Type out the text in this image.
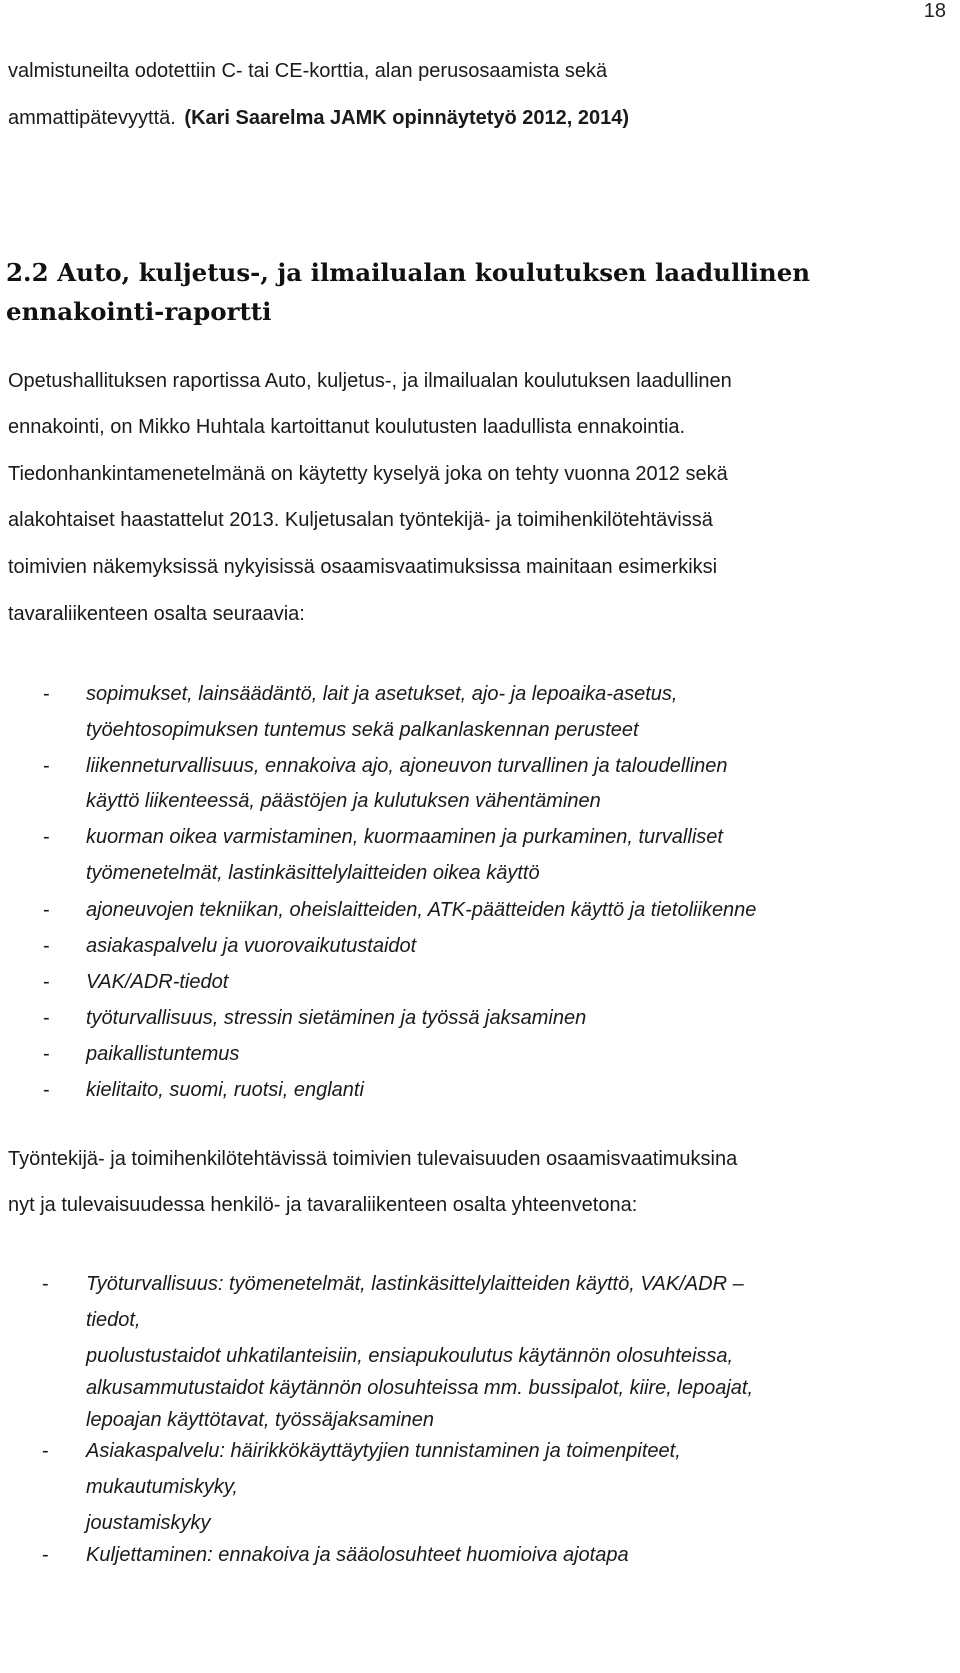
18
valmistuneilta odotettiin C- tai CE-korttia, alan perusosaamista sekä
ammattipätevyyttä. (Kari Saarelma JAMK opinnäytetyö 2012, 2014)
2.2 Auto, kuljetus-, ja ilmailualan koulutuksen laadullinen
ennakointi-raportti
Opetushallituksen raportissa Auto, kuljetus-, ja ilmailualan koulutuksen laadullinen
ennakointi, on Mikko Huhtala kartoittanut koulutusten laadullista ennakointia.
Tiedonhankintamenetelmänä on käytetty kyselyä joka on tehty vuonna 2012 sekä
alakohtaiset haastattelut 2013. Kuljetusalan työntekijä- ja toimihenkilötehtävissä
toimivien näkemyksissä nykyisissä osaamisvaatimuksissa mainitaan esimerkiksi
tavaraliikenteen osalta seuraavia:
- sopimukset, lainsäädäntö, lait ja asetukset, ajo- ja lepoaika-asetus,
työehtosopimuksen tuntemus sekä palkanlaskennan perusteet
- liikenneturvallisuus, ennakoiva ajo, ajoneuvon turvallinen ja taloudellinen
käyttö liikenteessä, päästöjen ja kulutuksen vähentäminen
- kuorman oikea varmistaminen, kuormaaminen ja purkaminen, turvalliset
työmenetelmät, lastinkäsittelylaitteiden oikea käyttö
- ajoneuvojen tekniikan, oheislaitteiden, ATK-päätteiden käyttö ja tietoliikenne
- asiakaspalvelu ja vuorovaikutustaidot
- VAK/ADR-tiedot
- työturvallisuus, stressin sietäminen ja työssä jaksaminen
- paikallistuntemus
- kielitaito, suomi, ruotsi, englanti
Työntekijä- ja toimihenkilötehtävissä toimivien tulevaisuuden osaamisvaatimuksina
nyt ja tulevaisuudessa henkilö- ja tavaraliikenteen osalta yhteenvetona:
- Työturvallisuus: työmenetelmät, lastinkäsittelylaitteiden käyttö, VAK/ADR –
tiedot,
puolustustaidot uhkatilanteisiin, ensiapukoulutus käytännön olosuhteissa,
alkusammutustaidot käytännön olosuhteissa mm. bussipalot, kiire, lepoajat,
lepoajan käyttötavat, työssäjaksaminen
- Asiakaspalvelu: häirikkökäyttäytyjien tunnistaminen ja toimenpiteet,
mukautumiskyky,
joustamiskyky
- Kuljettaminen: ennakoiva ja sääolosuhteet huomioiva ajotapa
